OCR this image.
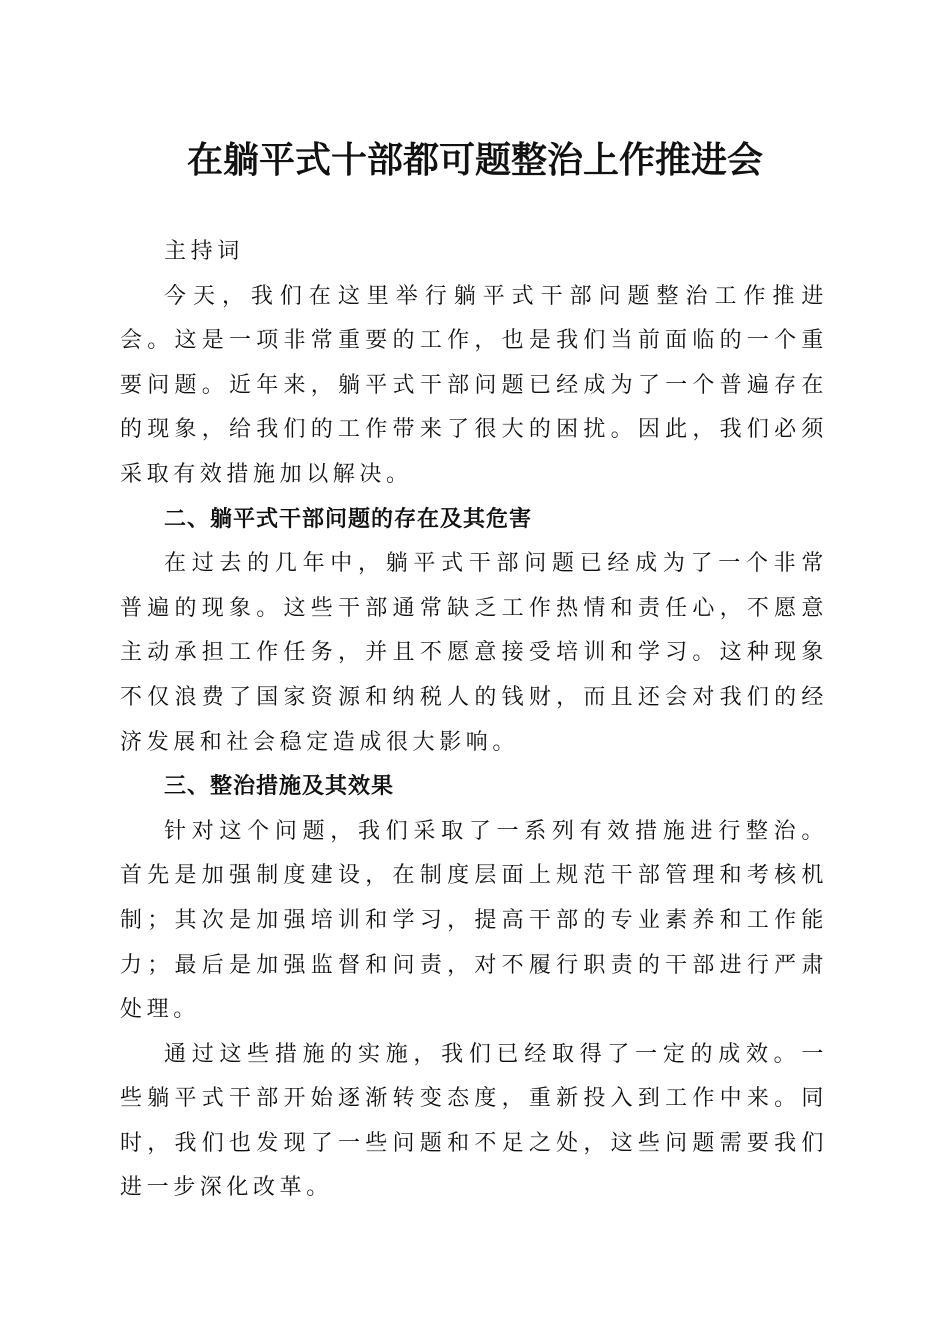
在躺平式十部都可题整治上作推进会

主持词

今天，我们在这里举行躺平式干部问题整治工作推进会。这是一项非常重要的工作，也是我们当前面临的一个重要问题。近年来，躺平式干部问题已经成为了一个普遍存在的现象，给我们的工作带来了很大的困扰。因此，我们必须采取有效措施加以解决。

二、躺平式干部问题的存在及其危害

在过去的几年中，躺平式干部问题已经成为了一个非常普遍的现象。这些干部通常缺乏工作热情和责任心，不愿意主动承担工作任务，并且不愿意接受培训和学习。这种现象不仅浪费了国家资源和纳税人的钱财，而且还会对我们的经济发展和社会稳定造成很大影响。

三、整治措施及其效果

针对这个问题，我们采取了一系列有效措施进行整治。首先是加强制度建设，在制度层面上规范干部管理和考核机制；其次是加强培训和学习，提高干部的专业素养和工作能力；最后是加强监督和问责，对不履行职责的干部进行严肃处理。

通过这些措施的实施，我们已经取得了一定的成效。一些躺平式干部开始逐渐转变态度，重新投入到工作中来。同时，我们也发现了一些问题和不足之处，这些问题需要我们进一步深化改革。
